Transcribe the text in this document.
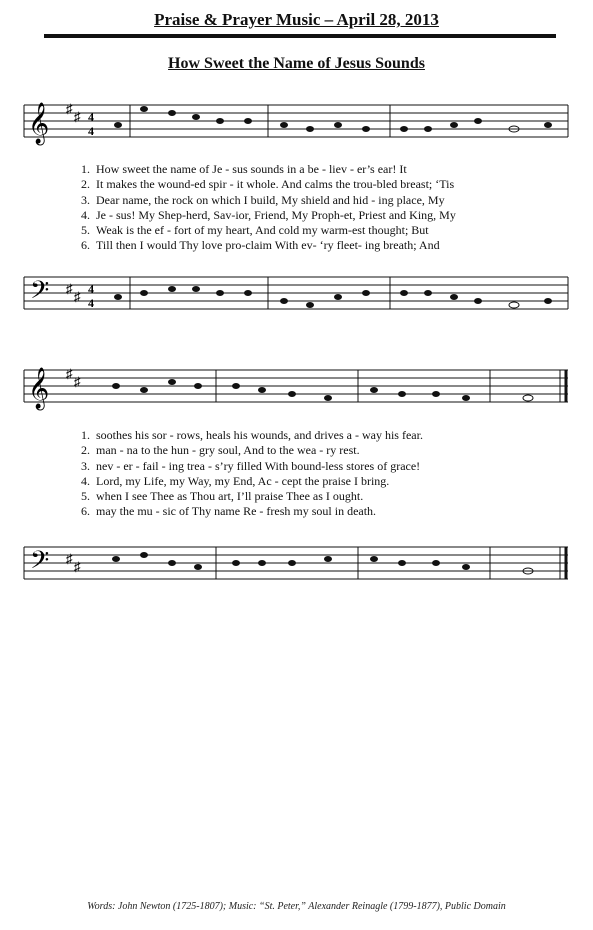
Praise & Prayer Music – April 28, 2013
How Sweet the Name of Jesus Sounds
𝄞 ♯
♯ 4
4
1. How sweet the name of Je - sus sounds in a be - liev - er’s ear! It
2. It makes the wound-ed spir - it whole. And calms the trou-bled breast; ‘Tis
3. Dear name, the rock on which I build, My shield and hid - ing place, My
4. Je - sus! My Shep-herd, Sav-ior, Friend, My Proph-et, Priest and King, My
5. Weak is the ef - fort of my heart, And cold my warm-est thought; But
6. Till then I would Thy love pro-claim With ev- ‘ry fleet- ing breath; And
𝄢 ♯
♯ 4
4
𝄞 ♯
♯
1. soothes his sor - rows, heals his wounds, and drives a - way his fear.
2. man - na to the hun - gry soul, And to the wea - ry rest.
3. nev - er - fail - ing trea - s’ry filled With bound-less stores of grace!
4. Lord, my Life, my Way, my End, Ac - cept the praise I bring.
5. when I see Thee as Thou art, I’ll praise Thee as I ought.
6. may the mu - sic of Thy name Re - fresh my soul in death.
𝄢 ♯
♯
Words: John Newton (1725-1807); Music: “St. Peter,” Alexander Reinagle (1799-1877), Public Domain
